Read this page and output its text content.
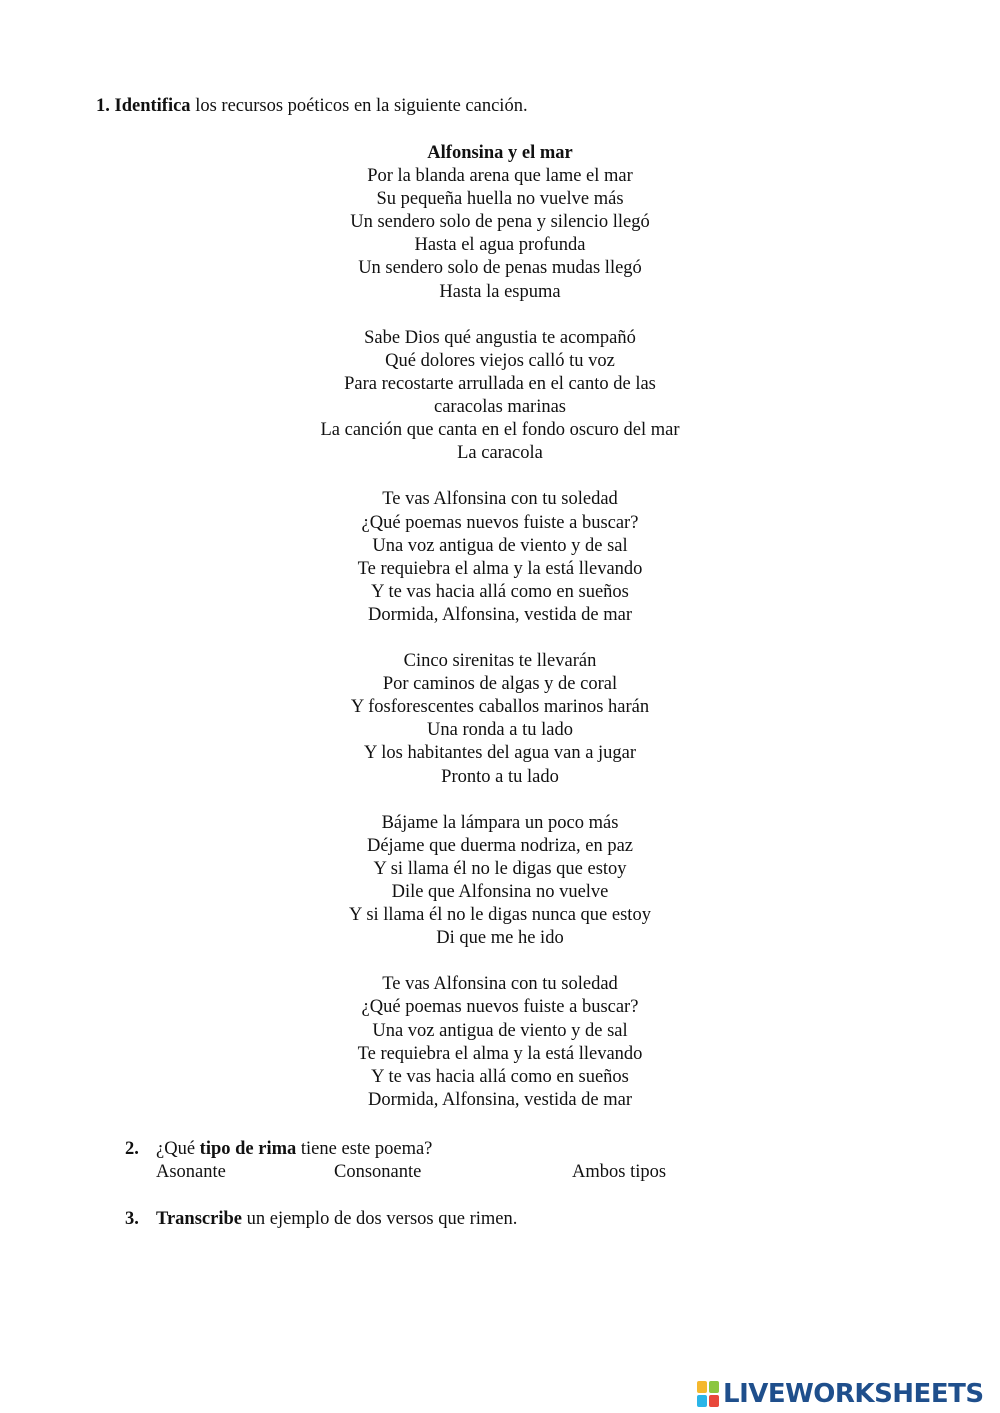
1. Identifica los recursos poéticos en la siguiente canción.
Alfonsina y el mar
Por la blanda arena que lame el mar
Su pequeña huella no vuelve más
Un sendero solo de pena y silencio llegó
Hasta el agua profunda
Un sendero solo de penas mudas llegó
Hasta la espuma
Sabe Dios qué angustia te acompañó
Qué dolores viejos calló tu voz
Para recostarte arrullada en el canto de las
caracolas marinas
La canción que canta en el fondo oscuro del mar
La caracola
Te vas Alfonsina con tu soledad
¿Qué poemas nuevos fuiste a buscar?
Una voz antigua de viento y de sal
Te requiebra el alma y la está llevando
Y te vas hacia allá como en sueños
Dormida, Alfonsina, vestida de mar
Cinco sirenitas te llevarán
Por caminos de algas y de coral
Y fosforescentes caballos marinos harán
Una ronda a tu lado
Y los habitantes del agua van a jugar
Pronto a tu lado
Bájame la lámpara un poco más
Déjame que duerma nodriza, en paz
Y si llama él no le digas que estoy
Dile que Alfonsina no vuelve
Y si llama él no le digas nunca que estoy
Di que me he ido
Te vas Alfonsina con tu soledad
¿Qué poemas nuevos fuiste a buscar?
Una voz antigua de viento y de sal
Te requiebra el alma y la está llevando
Y te vas hacia allá como en sueños
Dormida, Alfonsina, vestida de mar
2. ¿Qué tipo de rima tiene este poema?
Asonante	Consonante	Ambos tipos
3. Transcribe un ejemplo de dos versos que rimen.
LIVEWORKSHEETS
